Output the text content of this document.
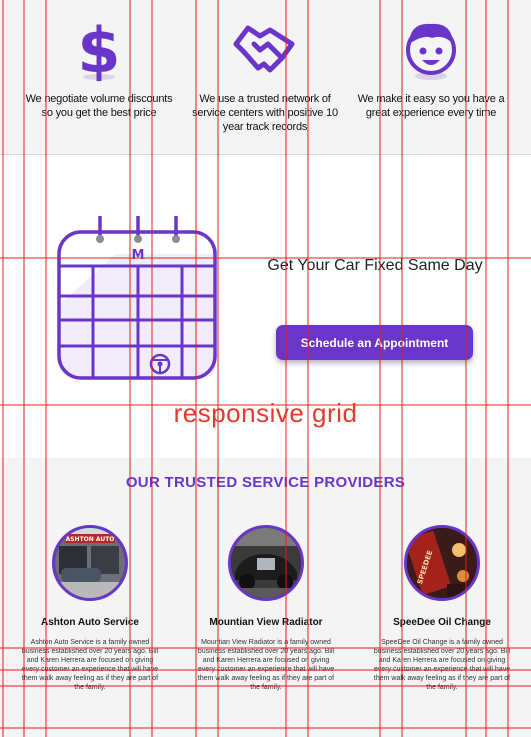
$
We negotiate volume discounts so you get the best price
We use a trusted network of service centers with positive 10 year track records
We make it easy so you have a great experience every time
M
Get Your Car Fixed Same Day
Schedule an Appointment
OUR TRUSTED SERVICE PROVIDERS
ASHTON AUTO
Ashton Auto Service
Ashton Auto Service is a family owned business established over 20 years ago. Bill and Karen Herrera are focused on giving every customer an experience that will have them walk away feeling as if they are part of the family.
Mountian View Radiator
Mountian View Radiator is a family owned business established over 20 years ago. Bill and Karen Herrera are focused on giving every customer an experience that will have them walk away feeling as if they are part of the family.
SPEEDEE
SpeeDee Oil Change
SpeeDee Oil Change is a family owned business established over 20 years ago. Bill and Karen Herrera are focused on giving every customer an experience that will have them walk away feeling as if they are part of the family.
responsive grid
